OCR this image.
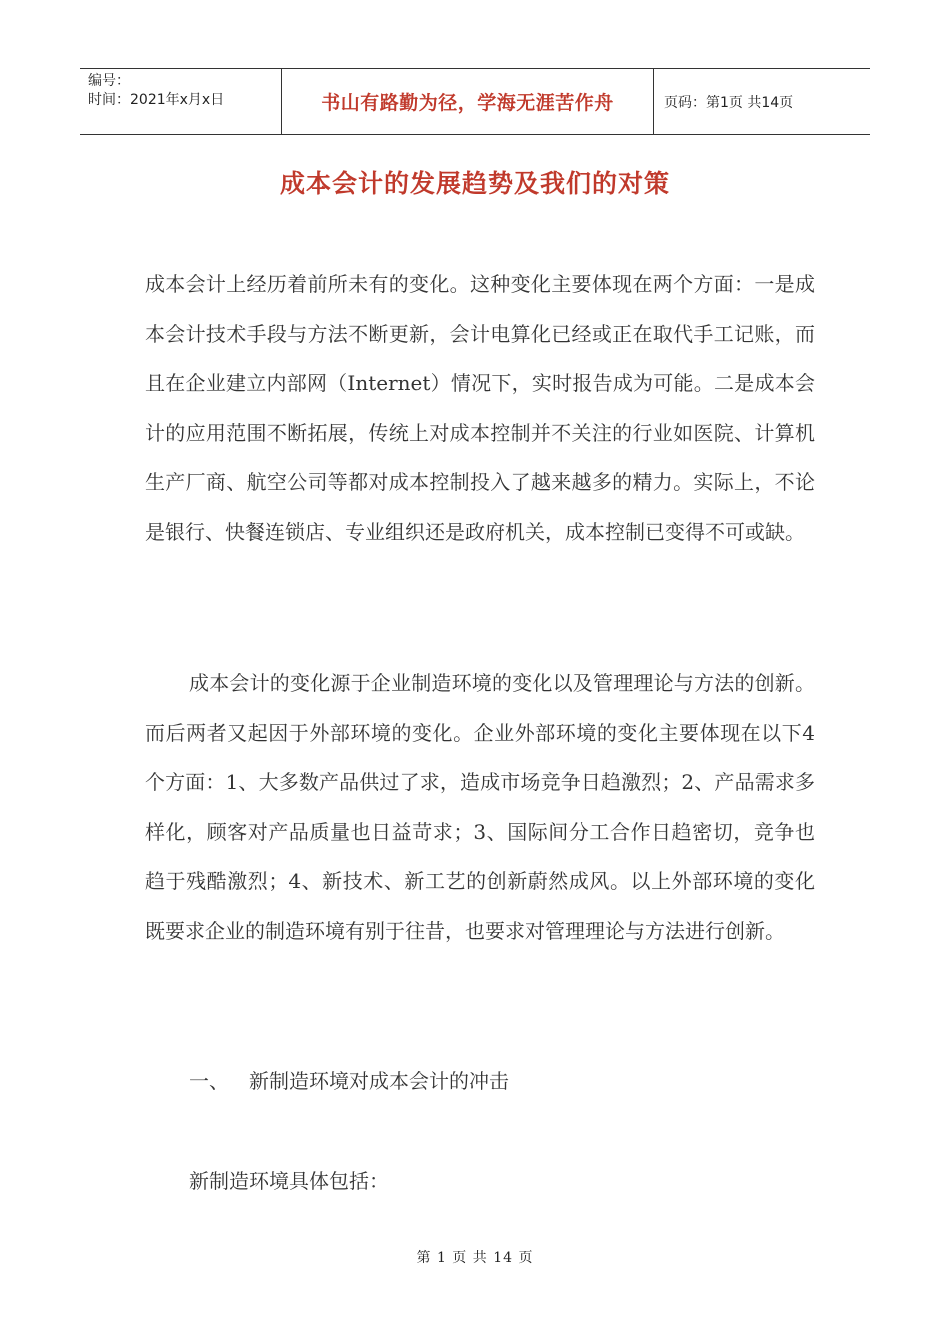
编号：
时间：2021年x月x日	书山有路勤为径，学海无涯苦作舟	页码：第1页 共14页
成本会计的发展趋势及我们的对策

成本会计上经历着前所未有的变化。这种变化主要体现在两个方面：一是成本会计技术手段与方法不断更新，会计电算化已经或正在取代手工记账，而且在企业建立内部网（Internet）情况下，实时报告成为可能。二是成本会计的应用范围不断拓展，传统上对成本控制并不关注的行业如医院、计算机生产厂商、航空公司等都对成本控制投入了越来越多的精力。实际上，不论是银行、快餐连锁店、专业组织还是政府机关，成本控制已变得不可或缺。

成本会计的变化源于企业制造环境的变化以及管理理论与方法的创新。而后两者又起因于外部环境的变化。企业外部环境的变化主要体现在以下4个方面：1、大多数产品供过了求，造成市场竞争日趋激烈；2、产品需求多样化，顾客对产品质量也日益苛求；3、国际间分工合作日趋密切，竞争也趋于残酷激烈；4、新技术、新工艺的创新蔚然成风。以上外部环境的变化既要求企业的制造环境有别于往昔，也要求对管理理论与方法进行创新。

一、 新制造环境对成本会计的冲击

新制造环境具体包括：

第 1 页 共 14 页
